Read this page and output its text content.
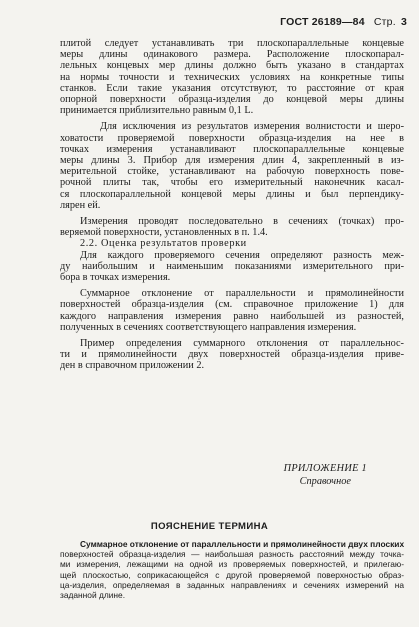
ГОСТ 26189—84 Стр. 3

плитой следует устанавливать три плоскопараллельные концевые
меры длины одинакового размера. Расположение плоскопарал-
лельных концевых мер длины должно быть указано в стандартах
на нормы точности и технических условиях на конкретные типы
станков. Если такие указания отсутствуют, то расстояние от края
опорной поверхности образца-изделия до концевой меры длины
принимается приблизительно равным 0,1 L.

Для исключения из результатов измерения волнистости и шеро-
ховатости проверяемой поверхности образца-изделия на нее в
точках измерения устанавливают плоскопараллельные концевые
меры длины 3. Прибор для измерения длин 4, закрепленный в из-
мерительной стойке, устанавливают на рабочую поверхность пове-
рочной плиты так, чтобы его измерительный наконечник касал-
ся плоскопараллельной концевой меры длины и был перпендику-
лярен ей.

Измерения проводят последовательно в сечениях (точках) про-
веряемой поверхности, установленных в п. 1.4.

2.2. Оценка результатов проверки

Для каждого проверяемого сечения определяют разность меж-
ду наибольшим и наименьшим показаниями измерительного при-
бора в точках измерения.

Суммарное отклонение от параллельности и прямолинейности
поверхностей образца-изделия (см. справочное приложение 1) для
каждого направления измерения равно наибольшей из разностей,
полученных в сечениях соответствующего направления измерения.

Пример определения суммарного отклонения от параллельнос-
ти и прямолинейности двух поверхностей образца-изделия приве-
ден в справочном приложении 2.

ПРИЛОЖЕНИЕ 1
Справочное
ПОЯСНЕНИЕ ТЕРМИНА
Суммарное отклонение от параллельности и прямолинейности двух плоских
поверхностей образца-изделия — наибольшая разность расстояний между точка-
ми измерения, лежащими на одной из проверяемых поверхностей, и прилегаю-
щей плоскостью, соприкасающейся с другой проверяемой поверхностью образ-
ца-изделия, определяемая в заданных направлениях и сечениях измерений на
заданной длине.
